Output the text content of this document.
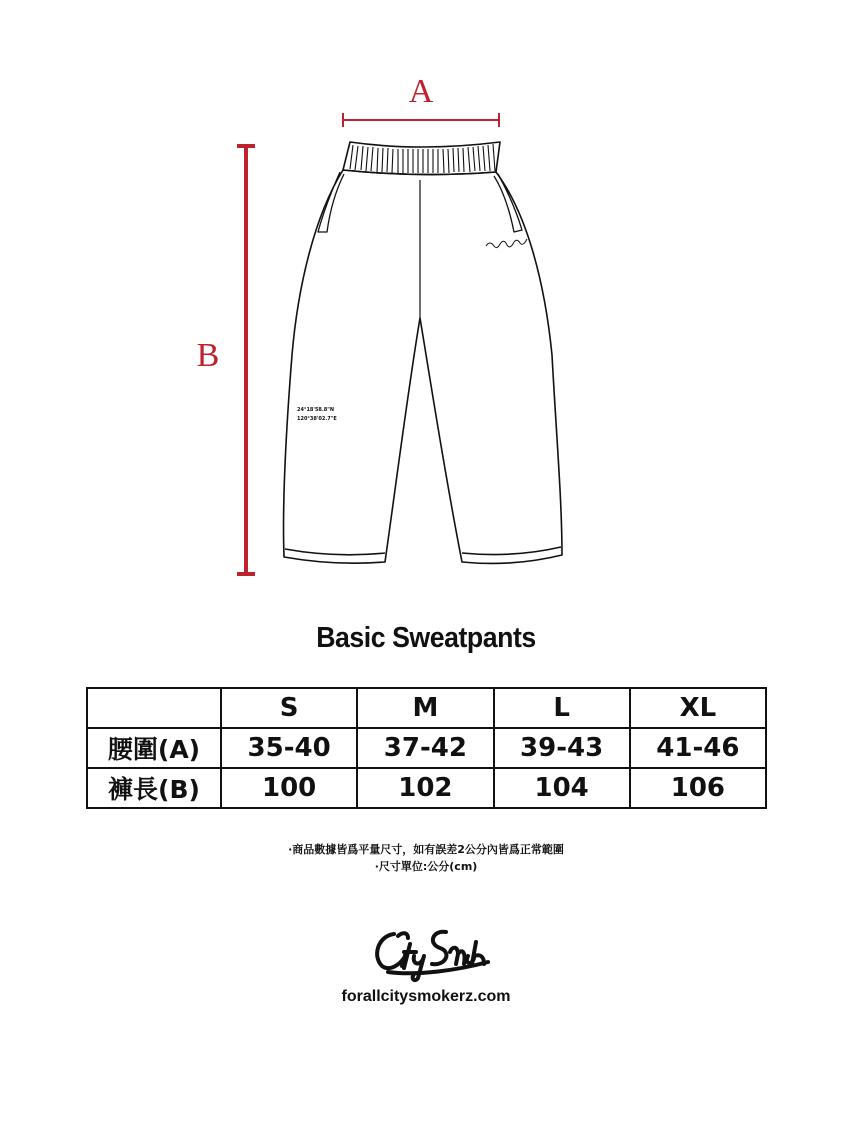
A
B
24°18'58.8"N
120°38'02.7"E
Basic Sweatpants
	S	M	L	XL
腰圍(A)	35-40	37-42	39-43	41-46
褲長(B)	100	102	104	106
·商品數據皆爲平量尺寸，如有誤差2公分內皆爲正常範圍
·尺寸單位:公分(cm)
forallcitysmokerz.com
